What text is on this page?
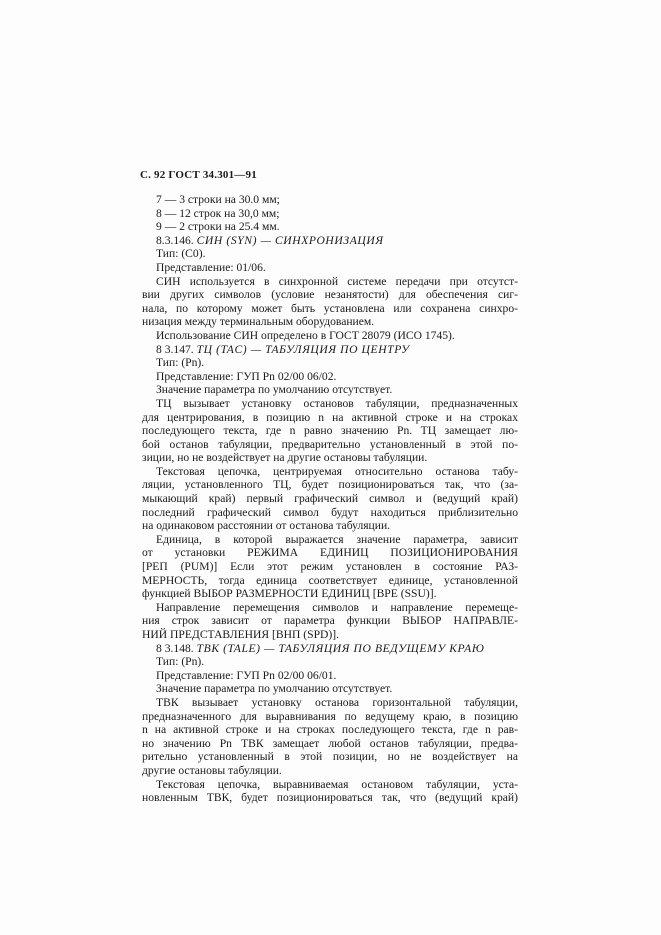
С. 92 ГОСТ 34.301—91
7 — 3 строки на 30.0 мм;
8 — 12 строк на 30,0 мм;
9 — 2 строки на 25.4 мм.
8.3.146. СИН (SYN) — СИНХРОНИЗАЦИЯ
Тип: (С0).
Представление: 01/06.
СИН используется в синхронной системе передачи при отсутст-
вии других символов (условие незанятости) для обеспечения сиг-
нала, по которому может быть установлена или сохранена синхро-
низация между терминальным оборудованием.
Использование СИН определено в ГОСТ 28079 (ИСО 1745).
8 3.147. ТЦ (TAC) — ТАБУЛЯЦИЯ ПО ЦЕНТРУ
Тип: (Pn).
Представление: ГУП Pn 02/00 06/02.
Значение параметра по умолчанию отсутствует.
ТЦ вызывает установку остановов табуляции, предназначенных
для центрирования, в позицию n на активной строке и на строках
последующего текста, где n равно значению Pn. ТЦ замещает лю-
бой останов табуляции, предварительно установленный в этой по-
зиции, но не воздействует на другие остановы табуляции.
Текстовая цепочка, центрируемая относительно останова табу-
ляции, установленного ТЦ, будет позиционироваться так, что (за-
мыкающий край) первый графический символ и (ведущий край)
последний графический символ будут находиться приблизительно
на одинаковом расстоянии от останова табуляции.
Единица, в которой выражается значение параметра, зависит
от установки РЕЖИМА ЕДИНИЦ ПОЗИЦИОНИРОВАНИЯ
[РЕП (PUM)] Если этот режим установлен в состояние РАЗ-
МЕРНОСТЬ, тогда единица соответствует единице, установленной
функцией ВЫБОР РАЗМЕРНОСТИ ЕДИНИЦ [ВРЕ (SSU)].
Направление перемещения символов и направление перемеще-
ния строк зависит от параметра функции ВЫБОР НАПРАВЛЕ-
НИЙ ПРЕДСТАВЛЕНИЯ [ВНП (SPD)].
8 3.148. ТВК (TALE) — ТАБУЛЯЦИЯ ПО ВЕДУЩЕМУ КРАЮ
Тип: (Pn).
Представление: ГУП Pn 02/00 06/01.
Значение параметра по умолчанию отсутствует.
ТВК вызывает установку останова горизонтальной табуляции,
предназначенного для выравнивания по ведущему краю, в позицию
n на активной строке и на строках последующего текста, где n рав-
но значению Pn ТВК замещает любой останов табуляции, предва-
рительно установленный в этой позиции, но не воздействует на
другие остановы табуляции.
Текстовая цепочка, выравниваемая остановом табуляции, уста-
новленным ТВК, будет позиционироваться так, что (ведущий край)
